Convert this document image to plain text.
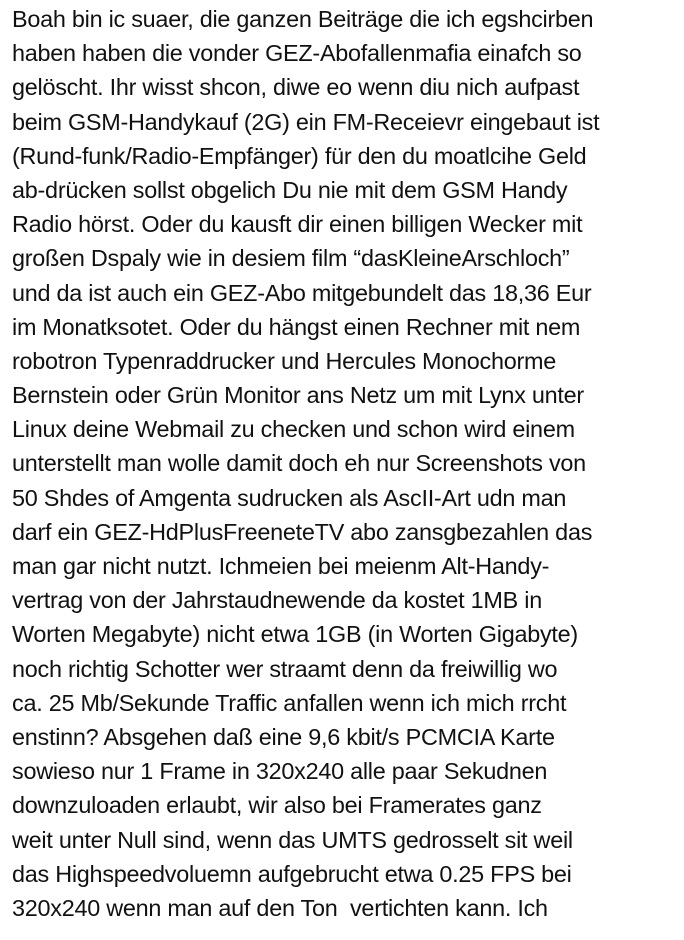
Boah bin ic suaer, die ganzen Beiträge die ich egshcirben
haben haben die vonder GEZ-Abofallenmafia einafch so
gelöscht. Ihr wisst shcon, diwe eo wenn diu nich aufpast
beim GSM-Handykauf (2G) ein FM-Receievr eingebaut ist
(Rund-funk/Radio-Empfänger) für den du moatlcihe Geld
ab-drücken sollst obgelich Du nie mit dem GSM Handy
Radio hörst. Oder du kausft dir einen billigen Wecker mit
großen Dspaly wie in desiem film “dasKleineArschloch”
und da ist auch ein GEZ-Abo mitgebundelt das 18,36 Eur
im Monatksotet. Oder du hängst einen Rechner mit nem
robotron Typenraddrucker und Hercules Monochorme
Bernstein oder Grün Monitor ans Netz um mit Lynx unter
Linux deine Webmail zu checken und schon wird einem
unterstellt man wolle damit doch eh nur Screenshots von
50 Shdes of Amgenta sudrucken als AscII-Art udn man
darf ein GEZ-HdPlusFreeneteTV abo zansgbezahlen das
man gar nicht nutzt. Ichmeien bei meienm Alt-Handy-
vertrag von der Jahrstaudnewende da kostet 1MB in
Worten Megabyte) nicht etwa 1GB (in Worten Gigabyte)
noch richtig Schotter wer straamt denn da freiwillig wo
ca. 25 Mb/Sekunde Traffic anfallen wenn ich mich rrcht
enstinn? Absgehen daß eine 9,6 kbit/s PCMCIA Karte
sowieso nur 1 Frame in 320x240 alle paar Sekudnen
downzuloaden erlaubt, wir also bei Framerates ganz
weit unter Null sind, wenn das UMTS gedrosselt sit weil
das Highspeedvoluemn aufgebrucht etwa 0.25 FPS bei
320x240 wenn man auf den Ton  vertichten kann. Ich
